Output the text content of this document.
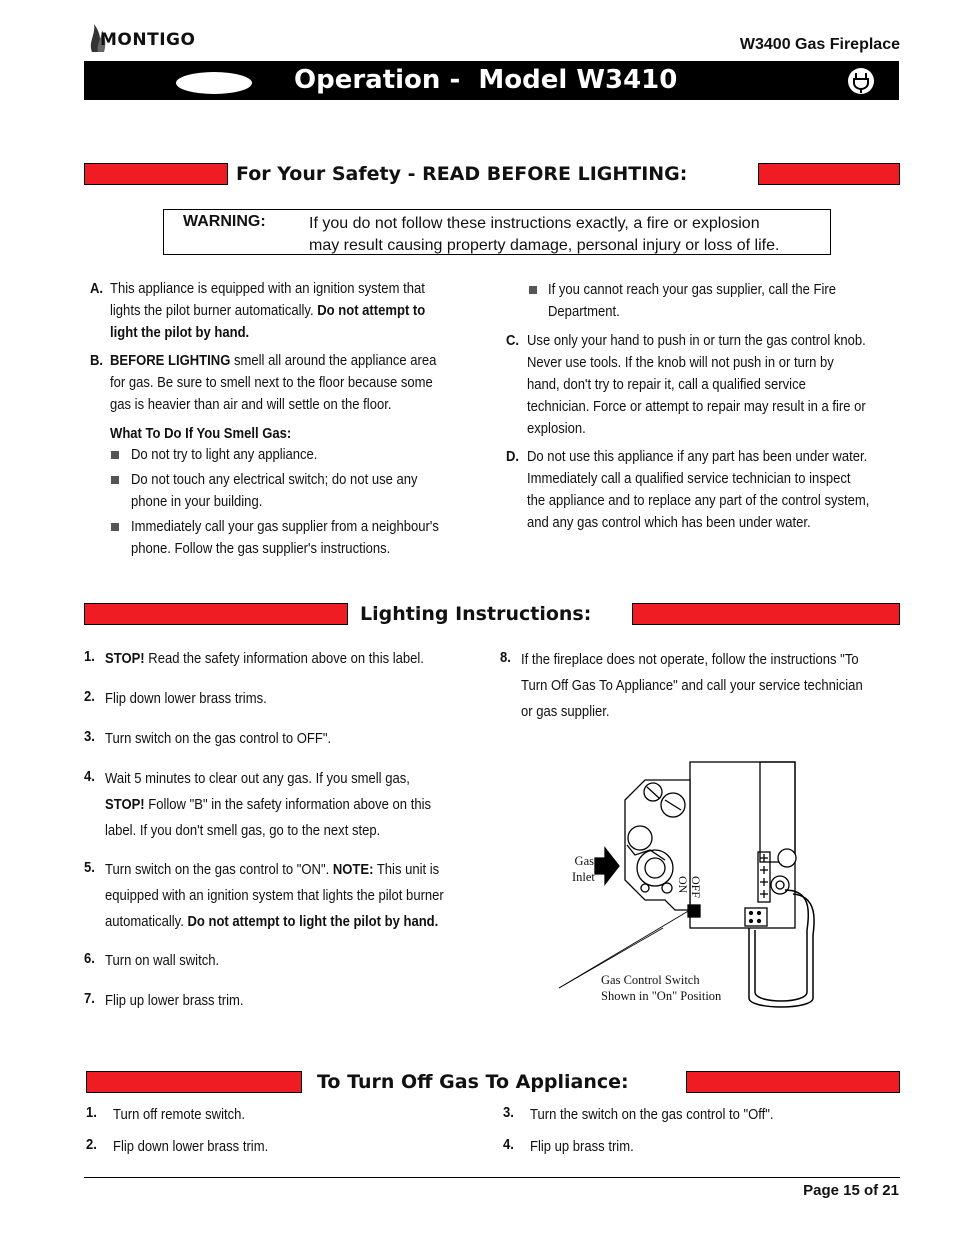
MONTIGO	W3400 Gas Fireplace
Operation -  Model W3410
For Your Safety - READ BEFORE LIGHTING:
WARNING:	If you do not follow these instructions exactly, a fire or explosion
may result causing property damage, personal injury or loss of life.
A. This appliance is equipped with an ignition system that
lights the pilot burner automatically. Do not attempt to
light the pilot by hand.
B. BEFORE LIGHTING smell all around the appliance area
for gas. Be sure to smell next to the floor because some
gas is heavier than air and will settle on the floor.
What To Do If You Smell Gas:
Do not try to light any appliance.
Do not touch any electrical switch; do not use any
phone in your building.
Immediately call your gas supplier from a neighbour's
phone. Follow the gas supplier's instructions.
If you cannot reach your gas supplier, call the Fire
Department.
C. Use only your hand to push in or turn the gas control knob.
Never use tools. If the knob will not push in or turn by
hand, don't try to repair it, call a qualified service
technician. Force or attempt to repair may result in a fire or
explosion.
D. Do not use this appliance if any part has been under water.
Immediately call a qualified service technician to inspect
the appliance and to replace any part of the control system,
and any gas control which has been under water.
Lighting Instructions:
1. STOP! Read the safety information above on this label.
2. Flip down lower brass trims.
3. Turn switch on the gas control to OFF".
4. Wait 5 minutes to clear out any gas. If you smell gas,
STOP! Follow "B" in the safety information above on this
label. If you don't smell gas, go to the next step.
5. Turn switch on the gas control to "ON". NOTE: This unit is
equipped with an ignition system that lights the pilot burner
automatically. Do not attempt to light the pilot by hand.
6. Turn on wall switch.
7. Flip up lower brass trim.
8. If the fireplace does not operate, follow the instructions "To
Turn Off Gas To Appliance" and call your service technician
or gas supplier.
Gas
Inlet	OFF
ON
Gas Control Switch
Shown in "On" Position
To Turn Off Gas To Appliance:
1. Turn off remote switch.
2. Flip down lower brass trim.
3. Turn the switch on the gas control to "Off".
4. Flip up brass trim.
Page 15 of 21
